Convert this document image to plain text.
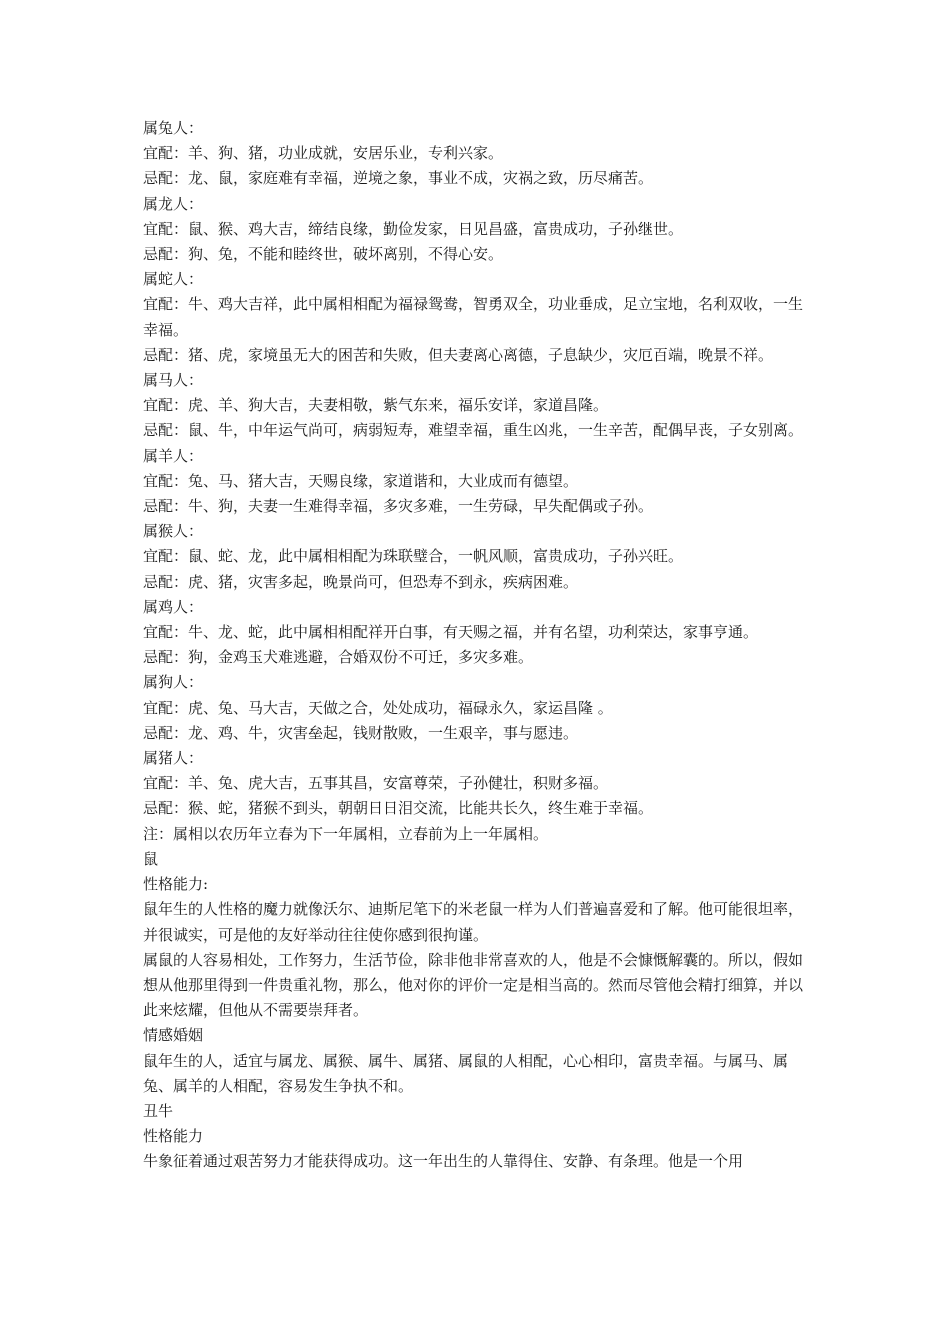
属兔人：
宜配：羊、狗、猪，功业成就，安居乐业，专利兴家。
忌配：龙、鼠，家庭难有幸福，逆境之象，事业不成，灾祸之致，历尽痛苦。
属龙人：
宜配：鼠、猴、鸡大吉，缔结良缘，勤俭发家，日见昌盛，富贵成功，子孙继世。
忌配：狗、兔，不能和睦终世，破坏离别，不得心安。
属蛇人：
宜配：牛、鸡大吉祥，此中属相相配为福禄鸳鸯，智勇双全，功业垂成，足立宝地，名利双收，一生幸福。
忌配：猪、虎，家境虽无大的困苦和失败，但夫妻离心离德，子息缺少，灾厄百端，晚景不祥。
属马人：
宜配：虎、羊、狗大吉，夫妻相敬，紫气东来，福乐安详，家道昌隆。
忌配：鼠、牛，中年运气尚可，病弱短寿，难望幸福，重生凶兆，一生辛苦，配偶早丧，子女别离。
属羊人：
宜配：兔、马、猪大吉，天赐良缘，家道谐和，大业成而有德望。
忌配：牛、狗，夫妻一生难得幸福，多灾多难，一生劳碌，早失配偶或子孙。
属猴人：
宜配：鼠、蛇、龙，此中属相相配为珠联璧合，一帆风顺，富贵成功，子孙兴旺。
忌配：虎、猪，灾害多起，晚景尚可，但恐寿不到永，疾病困难。
属鸡人：
宜配：牛、龙、蛇，此中属相相配祥开白事，有天赐之福，并有名望，功利荣达，家事亨通。
忌配：狗，金鸡玉犬难逃避，合婚双份不可迁，多灾多难。
属狗人：
宜配：虎、兔、马大吉，天做之合，处处成功，福碌永久，家运昌隆 。
忌配：龙、鸡、牛，灾害垒起，钱财散败，一生艰辛，事与愿违。
属猪人：
宜配：羊、兔、虎大吉，五事其昌，安富尊荣，子孙健壮，积财多福。
忌配：猴、蛇，猪猴不到头，朝朝日日泪交流，比能共长久，终生难于幸福。
注：属相以农历年立春为下一年属相，立春前为上一年属相。
鼠
性格能力:
鼠年生的人性格的魔力就像沃尔、迪斯尼笔下的米老鼠一样为人们普遍喜爱和了解。他可能很坦率，并很诚实，可是他的友好举动往往使你感到很拘谨。
属鼠的人容易相处，工作努力，生活节俭，除非他非常喜欢的人，他是不会慷慨解囊的。所以，假如想从他那里得到一件贵重礼物，那么，他对你的评价一定是相当高的。然而尽管他会精打细算，并以此来炫耀，但他从不需要崇拜者。
情感婚姻
鼠年生的人，适宜与属龙、属猴、属牛、属猪、属鼠的人相配，心心相印，富贵幸福。与属马、属兔、属羊的人相配，容易发生争执不和。
丑牛
性格能力
牛象征着通过艰苦努力才能获得成功。这一年出生的人靠得住、安静、有条理。他是一个用
